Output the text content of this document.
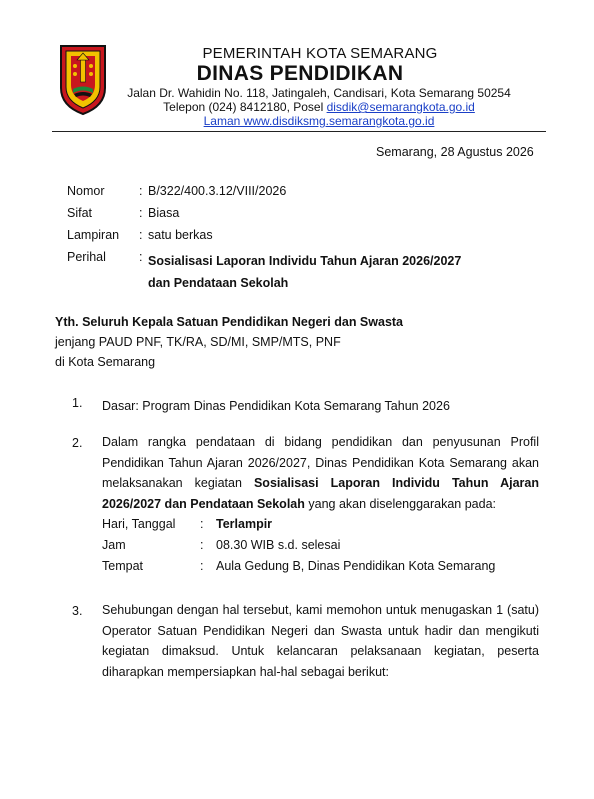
PEMERINTAH KOTA SEMARANG
DINAS PENDIDIKAN
Jalan Dr. Wahidin No. 118, Jatingaleh, Candisari, Kota Semarang 50254
Telepon (024) 8412180, Posel disdik@semarangkota.go.id
Laman www.disdiksmg.semarangkota.go.id
Semarang, 28 Agustus 2026
Nomor	: B/322/400.3.12/VIII/2026
Sifat	: Biasa
Lampiran	: satu berkas
Perihal	: Sosialisasi Laporan Individu Tahun Ajaran 2026/2027
dan Pendataan Sekolah
Yth. Seluruh Kepala Satuan Pendidikan Negeri dan Swasta
jenjang PAUD PNF, TK/RA, SD/MI, SMP/MTS, PNF
di Kota Semarang
1. Dasar: Program Dinas Pendidikan Kota Semarang Tahun 2026
2. Dalam rangka pendataan di bidang pendidikan dan penyusunan Profil Pendidikan Tahun Ajaran 2026/2027, Dinas Pendidikan Kota Semarang akan melaksanakan kegiatan Sosialisasi Laporan Individu Tahun Ajaran 2026/2027 dan Pendataan Sekolah yang akan diselenggarakan pada:
Hari, Tanggal	:	Terlampir
Jam	:	08.30 WIB s.d. selesai
Tempat	:	Aula Gedung B, Dinas Pendidikan Kota Semarang
3. Sehubungan dengan hal tersebut, kami memohon untuk menugaskan 1 (satu) Operator Satuan Pendidikan Negeri dan Swasta untuk hadir dan mengikuti kegiatan dimaksud. Untuk kelancaran pelaksanaan kegiatan, peserta diharapkan mempersiapkan hal-hal sebagai berikut:
